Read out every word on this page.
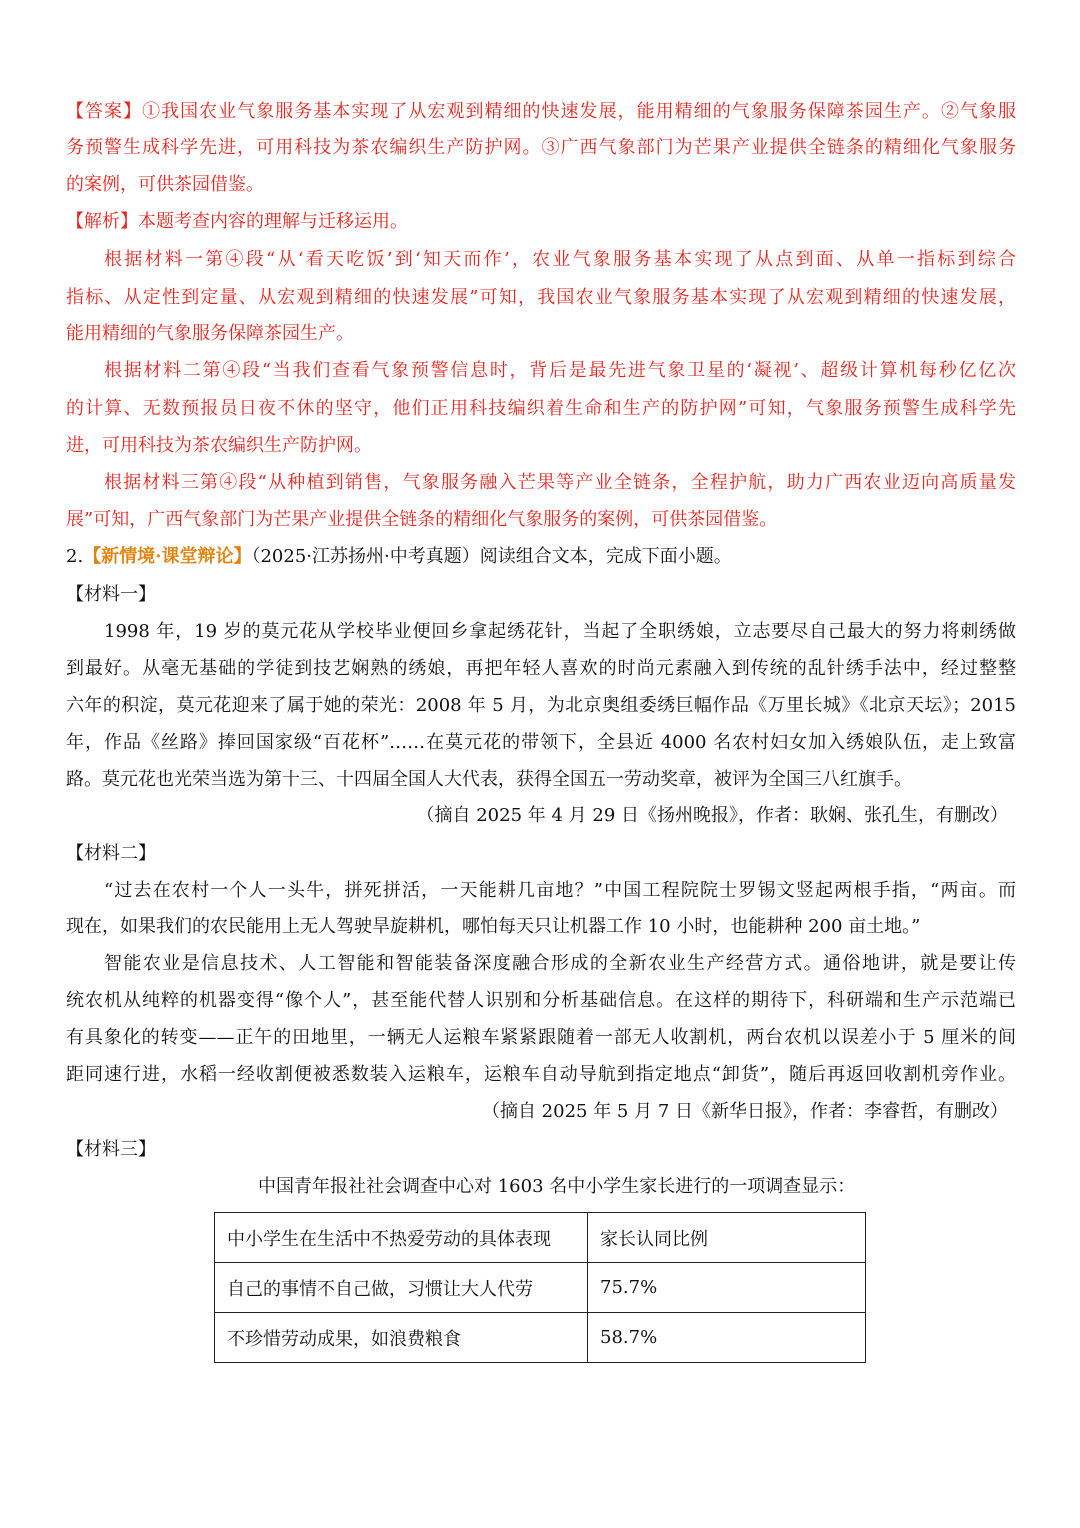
【答案】①我国农业气象服务基本实现了从宏观到精细的快速发展，能用精细的气象服务保障茶园生产。②气象服
务预警生成科学先进，可用科技为茶农编织生产防护网。③广西气象部门为芒果产业提供全链条的精细化气象服务
的案例，可供茶园借鉴。
【解析】本题考查内容的理解与迁移运用。
根据材料一第④段“从‘看天吃饭’到‘知天而作’，农业气象服务基本实现了从点到面、从单一指标到综合
指标、从定性到定量、从宏观到精细的快速发展”可知，我国农业气象服务基本实现了从宏观到精细的快速发展，
能用精细的气象服务保障茶园生产。
根据材料二第④段“当我们查看气象预警信息时，背后是最先进气象卫星的‘凝视’、超级计算机每秒亿亿次
的计算、无数预报员日夜不休的坚守，他们正用科技编织着生命和生产的防护网”可知，气象服务预警生成科学先
进，可用科技为茶农编织生产防护网。
根据材料三第④段“从种植到销售，气象服务融入芒果等产业全链条，全程护航，助力广西农业迈向高质量发
展”可知，广西气象部门为芒果产业提供全链条的精细化气象服务的案例，可供茶园借鉴。
2.【新情境·课堂辩论】（2025·江苏扬州·中考真题）阅读组合文本，完成下面小题。
【材料一】
1998 年，19 岁的莫元花从学校毕业便回乡拿起绣花针，当起了全职绣娘，立志要尽自己最大的努力将刺绣做
到最好。从毫无基础的学徒到技艺娴熟的绣娘，再把年轻人喜欢的时尚元素融入到传统的乱针绣手法中，经过整整
六年的积淀，莫元花迎来了属于她的荣光：2008 年 5 月，为北京奥组委绣巨幅作品《万里长城》《北京天坛》；2015
年，作品《丝路》捧回国家级“百花杯”……在莫元花的带领下，全县近 4000 名农村妇女加入绣娘队伍，走上致富
路。莫元花也光荣当选为第十三、十四届全国人大代表，获得全国五一劳动奖章，被评为全国三八红旗手。
（摘自 2025 年 4 月 29 日《扬州晚报》，作者：耿娴、张孔生，有删改）
【材料二】
“过去在农村一个人一头牛，拼死拼活，一天能耕几亩地？”中国工程院院士罗锡文竖起两根手指，“两亩。而
现在，如果我们的农民能用上无人驾驶旱旋耕机，哪怕每天只让机器工作 10 小时，也能耕种 200 亩土地。”
智能农业是信息技术、人工智能和智能装备深度融合形成的全新农业生产经营方式。通俗地讲，就是要让传
统农机从纯粹的机器变得“像个人”，甚至能代替人识别和分析基础信息。在这样的期待下，科研端和生产示范端已
有具象化的转变——正午的田地里，一辆无人运粮车紧紧跟随着一部无人收割机，两台农机以误差小于 5 厘米的间
距同速行进，水稻一经收割便被悉数装入运粮车，运粮车自动导航到指定地点“卸货”，随后再返回收割机旁作业。
（摘自 2025 年 5 月 7 日《新华日报》，作者：李睿哲，有删改）
【材料三】
中国青年报社社会调查中心对 1603 名中小学生家长进行的一项调查显示：
中小学生在生活中不热爱劳动的具体表现	家长认同比例
自己的事情不自己做，习惯让大人代劳	75.7%
不珍惜劳动成果，如浪费粮食	58.7%
